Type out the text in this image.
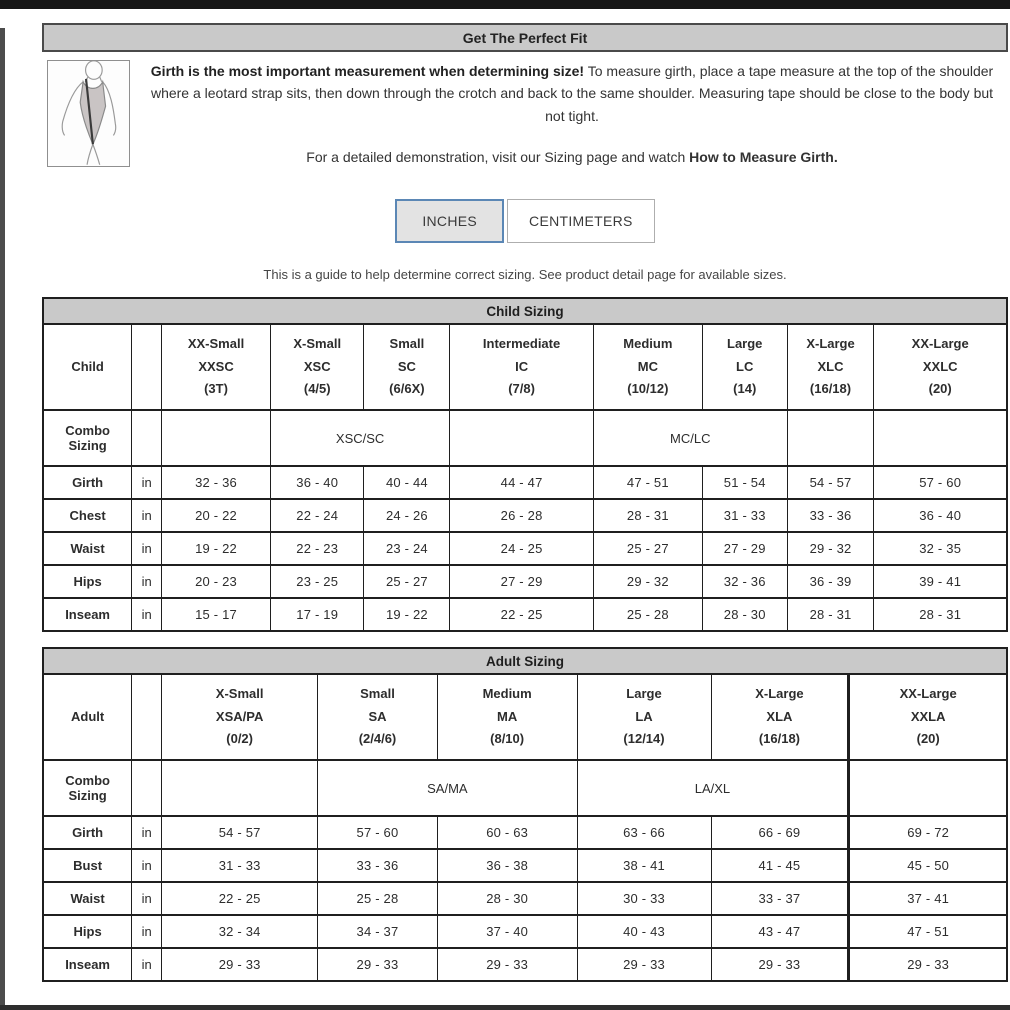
Get The Perfect Fit

Girth is the most important measurement when determining size! To measure girth, place a tape measure at the top of the shoulder where a leotard strap sits, then down through the crotch and back to the same shoulder. Measuring tape should be close to the body but not tight.

For a detailed demonstration, visit our Sizing page and watch How to Measure Girth.

INCHES	CENTIMETERS
This is a guide to help determine correct sizing. See product detail page for available sizes.
Child Sizing									
Child		XX-Small
XXSC
(3T)	X-Small
XSC
(4/5)	Small
SC
(6/6X)	Intermediate
IC
(7/8)	Medium
MC
(10/12)	Large
LC
(14)	X-Large
XLC
(16/18)	XX-Large
XXLC
(20)
Combo
Sizing			XSC/SC			MC/LC			
Girth	in	32 - 36	36 - 40	40 - 44	44 - 47	47 - 51	51 - 54	54 - 57	57 - 60
Chest	in	20 - 22	22 - 24	24 - 26	26 - 28	28 - 31	31 - 33	33 - 36	36 - 40
Waist	in	19 - 22	22 - 23	23 - 24	24 - 25	25 - 27	27 - 29	29 - 32	32 - 35
Hips	in	20 - 23	23 - 25	25 - 27	27 - 29	29 - 32	32 - 36	36 - 39	39 - 41
Inseam	in	15 - 17	17 - 19	19 - 22	22 - 25	25 - 28	28 - 30	28 - 31	28 - 31
Adult Sizing							
Adult		X-Small
XSA/PA
(0/2)	Small
SA
(2/4/6)	Medium
MA
(8/10)	Large
LA
(12/14)	X-Large
XLA
(16/18)	XX-Large
XXLA
(20)
Combo
Sizing			SA/MA		LA/XL		
Girth	in	54 - 57	57 - 60	60 - 63	63 - 66	66 - 69	69 - 72
Bust	in	31 - 33	33 - 36	36 - 38	38 - 41	41 - 45	45 - 50
Waist	in	22 - 25	25 - 28	28 - 30	30 - 33	33 - 37	37 - 41
Hips	in	32 - 34	34 - 37	37 - 40	40 - 43	43 - 47	47 - 51
Inseam	in	29 - 33	29 - 33	29 - 33	29 - 33	29 - 33	29 - 33
